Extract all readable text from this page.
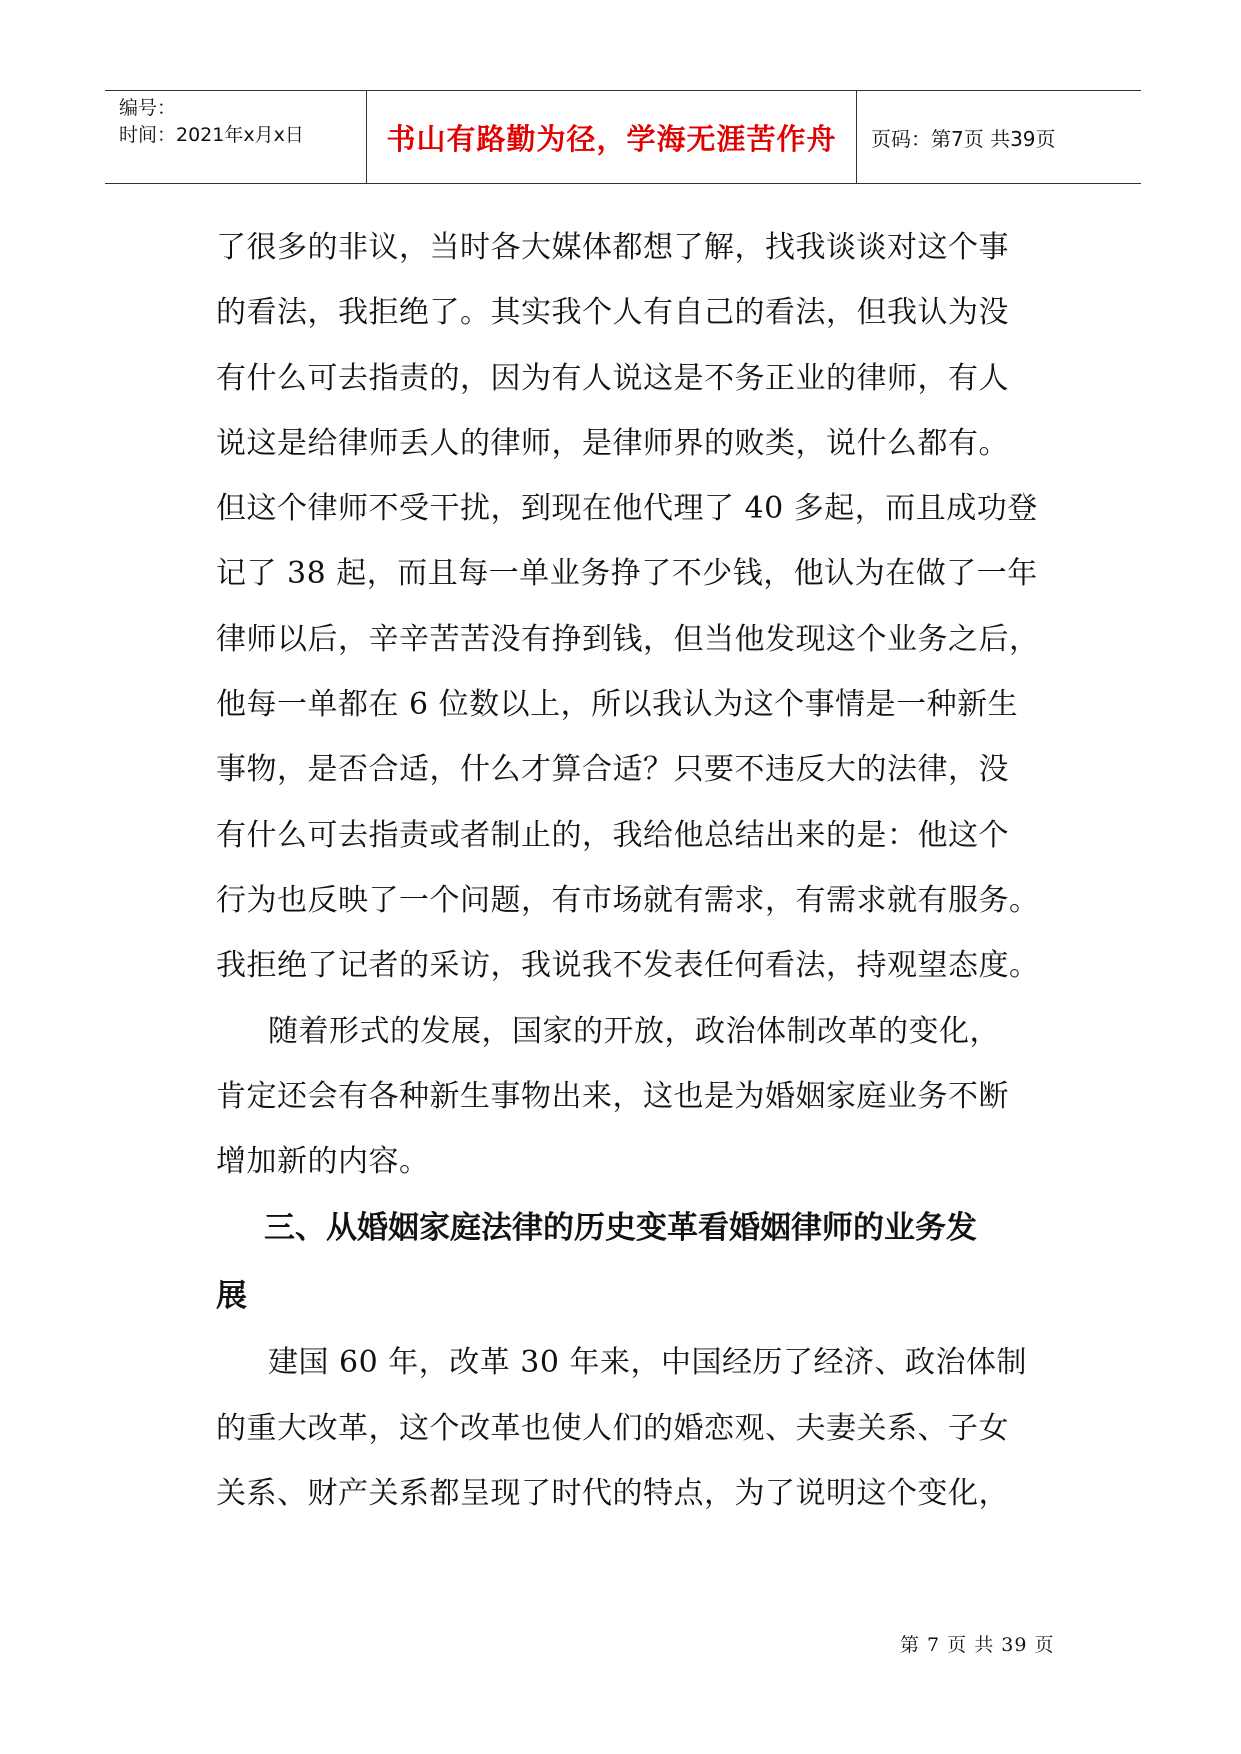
编号：
时间：2021年x月x日	书山有路勤为径，学海无涯苦作舟	页码：第7页 共39页
了很多的非议，当时各大媒体都想了解，找我谈谈对这个事
的看法，我拒绝了。其实我个人有自己的看法，但我认为没
有什么可去指责的，因为有人说这是不务正业的律师，有人
说这是给律师丢人的律师，是律师界的败类，说什么都有。
但这个律师不受干扰，到现在他代理了 40 多起，而且成功登
记了 38 起，而且每一单业务挣了不少钱，他认为在做了一年
律师以后，辛辛苦苦没有挣到钱，但当他发现这个业务之后，
他每一单都在 6 位数以上，所以我认为这个事情是一种新生
事物，是否合适，什么才算合适？只要不违反大的法律，没
有什么可去指责或者制止的，我给他总结出来的是：他这个
行为也反映了一个问题，有市场就有需求，有需求就有服务。
我拒绝了记者的采访，我说我不发表任何看法，持观望态度。
随着形式的发展，国家的开放，政治体制改革的变化，
肯定还会有各种新生事物出来，这也是为婚姻家庭业务不断
增加新的内容。
三、从婚姻家庭法律的历史变革看婚姻律师的业务发
展
建国 60 年，改革 30 年来，中国经历了经济、政治体制
的重大改革，这个改革也使人们的婚恋观、夫妻关系、子女
关系、财产关系都呈现了时代的特点，为了说明这个变化，
第 7 页 共 39 页
